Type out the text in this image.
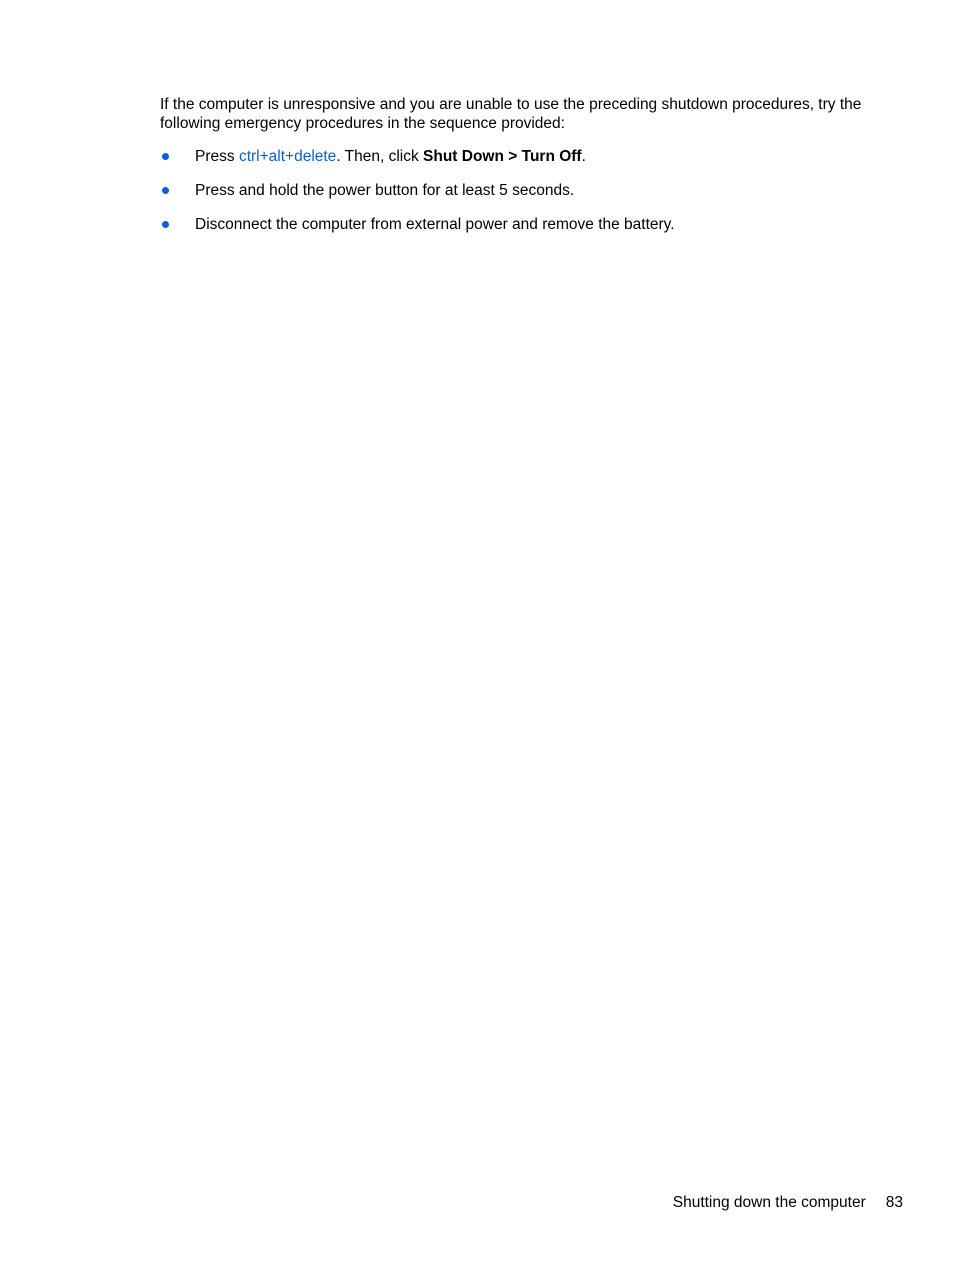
If the computer is unresponsive and you are unable to use the preceding shutdown procedures, try the following emergency procedures in the sequence provided:

Press ctrl+alt+delete. Then, click Shut Down > Turn Off.
Press and hold the power button for at least 5 seconds.
Disconnect the computer from external power and remove the battery.
Shutting down the computer 83
